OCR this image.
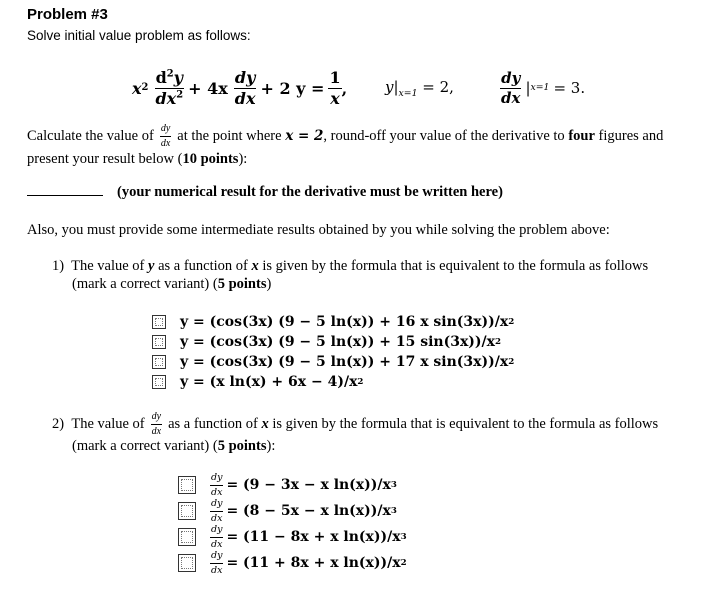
Problem #3
Solve initial value problem as follows:
x $2 \frac{d^2y}{dx^2} + 4x \frac{dy}{dx} + 2$ $y = \frac{1}{x}$ ,	$y|_{x=1} = 2$,	$\frac{dy}{dx}$ | x=1 = 3.
Calculate the value of $\frac{dy}{dx}$ at the point where
x = 2 , round-off your value of the derivative to
four
figures and
present your result below (10 points):
(your numerical result for the derivative must be written here)
Also, you must provide some intermediate results obtained by you while solving the problem above:
1) The value of y as a function of x is given by the formula that is equivalent to the formula as follows
(mark a correct variant) (5 points)
y = (cos(3x) (9 − 5 ln(x)) + 16 x sin(3x))/x 2
y = (cos(3x) (9 − 5 ln(x)) + 15 sin(3x))/x 2
y = (cos(3x) (9 − 5 ln(x)) + 17 x sin(3x))/x 2
y = (x ln(x) + 6x − 4)/x 2
2)
The value of $\frac{dy}{dx}$ as a function of
x
is given by the formula that is equivalent to the formula as follows
(mark a correct variant) (5 points):
$\frac{dy}{dx} = (9 - 3x - x$ ln(x))/x 3
$\frac{dy}{dx} = (8 - 5x - x$ ln(x))/x 3
$\frac{dy}{dx} = (11 - 8x + x$ ln(x))/x 3
$\frac{dy}{dx} = (11 + 8x + x$ ln(x))/x 2
